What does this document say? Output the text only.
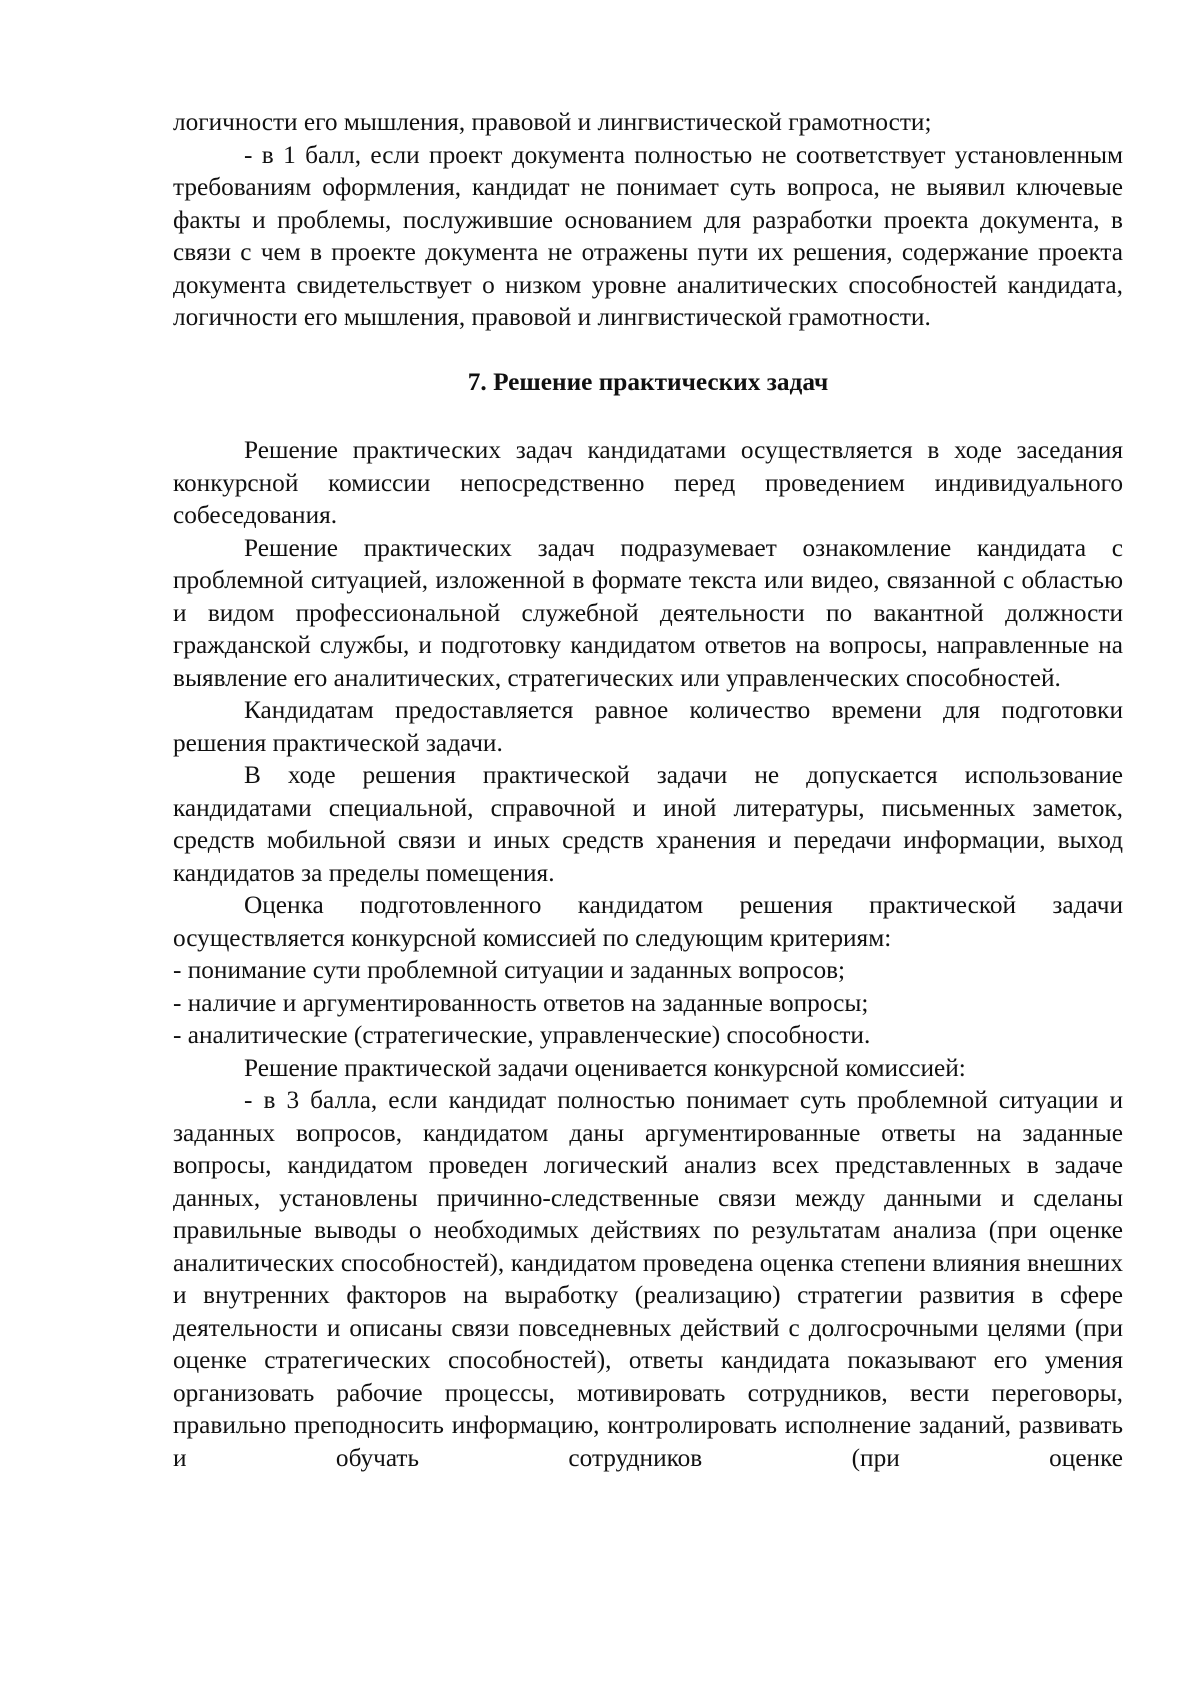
логичности его мышления, правовой и лингвистической грамотности;

- в 1 балл, если проект документа полностью не соответствует установленным требованиям оформления, кандидат не понимает суть вопроса, не выявил ключевые факты и проблемы, послужившие основанием для разработки проекта документа, в связи с чем в проекте документа не отражены пути их решения, содержание проекта документа свидетельствует о низком уровне аналитических способностей кандидата, логичности его мышления, правовой и лингвистической грамотности.

7. Решение практических задач

Решение практических задач кандидатами осуществляется в ходе заседания конкурсной комиссии непосредственно перед проведением индивидуального собеседования.

Решение практических задач подразумевает ознакомление кандидата с проблемной ситуацией, изложенной в формате текста или видео, связанной с областью и видом профессиональной служебной деятельности по вакантной должности гражданской службы, и подготовку кандидатом ответов на вопросы, направленные на выявление его аналитических, стратегических или управленческих способностей.

Кандидатам предоставляется равное количество времени для подготовки решения практической задачи.

В ходе решения практической задачи не допускается использование кандидатами специальной, справочной и иной литературы, письменных заметок, средств мобильной связи и иных средств хранения и передачи информации, выход кандидатов за пределы помещения.

Оценка подготовленного кандидатом решения практической задачи осуществляется конкурсной комиссией по следующим критериям:

- понимание сути проблемной ситуации и заданных вопросов;

- наличие и аргументированность ответов на заданные вопросы;

- аналитические (стратегические, управленческие) способности.

Решение практической задачи оценивается конкурсной комиссией:

- в 3 балла, если кандидат полностью понимает суть проблемной ситуации и заданных вопросов, кандидатом даны аргументированные ответы на заданные вопросы, кандидатом проведен логический анализ всех представленных в задаче данных, установлены причинно-следственные связи между данными и сделаны правильные выводы о необходимых действиях по результатам анализа (при оценке аналитических способностей), кандидатом проведена оценка степени влияния внешних и внутренних факторов на выработку (реализацию) стратегии развития в сфере деятельности и описаны связи повседневных действий с долгосрочными целями (при оценке стратегических способностей), ответы кандидата показывают его умения организовать рабочие процессы, мотивировать сотрудников, вести переговоры, правильно преподносить информацию, контролировать исполнение заданий, развивать и обучать сотрудников (при оценке
